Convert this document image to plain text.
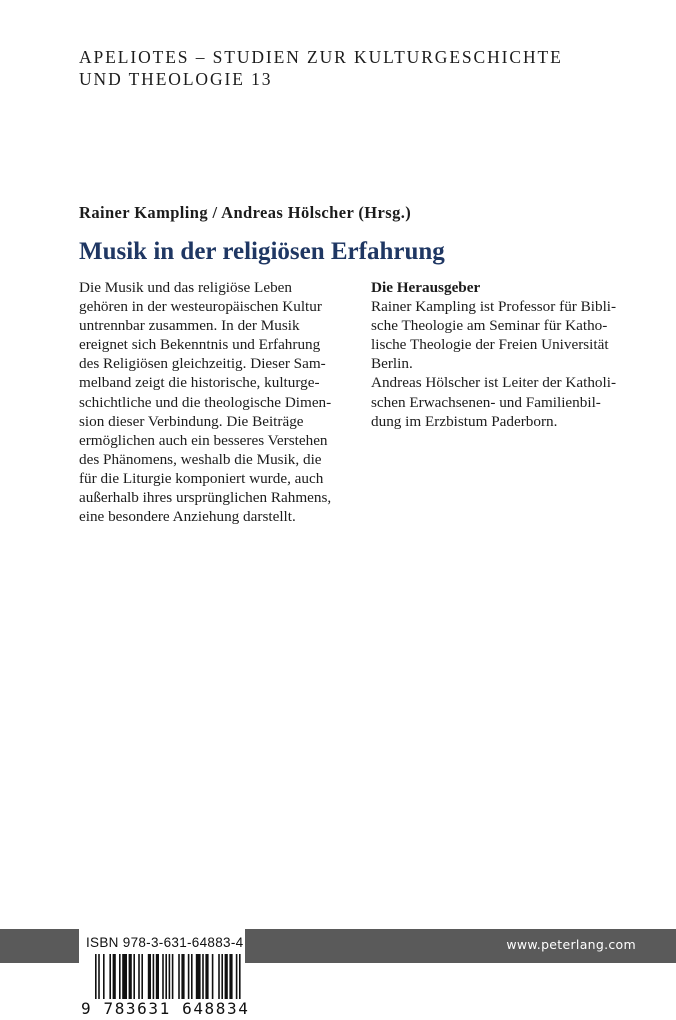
APELIOTES – STUDIEN ZUR KULTURGESCHICHTE
UND THEOLOGIE 13
Rainer Kampling / Andreas Hölscher (Hrsg.)
Musik in der religiösen Erfahrung
Die Musik und das religiöse Leben
gehören in der westeuropäischen Kultur
untrennbar zusammen. In der Musik
ereignet sich Bekenntnis und Erfahrung
des Religiösen gleichzeitig. Dieser Sam-
melband zeigt die historische, kulturge-
schichtliche und die theologische Dimen-
sion dieser Verbindung. Die Beiträge
ermöglichen auch ein besseres Verstehen
des Phänomens, weshalb die Musik, die
für die Liturgie komponiert wurde, auch
außerhalb ihres ursprünglichen Rahmens,
eine besondere Anziehung darstellt.
Die Herausgeber
Rainer Kampling ist Professor für Bibli-
sche Theologie am Seminar für Katho-
lische Theologie der Freien Universität
Berlin.
Andreas Hölscher ist Leiter der Katholi-
schen Erwachsenen- und Familienbil-
dung im Erzbistum Paderborn.
www.peterlang.com
ISBN 978-3-631-64883-4
9 783631 648834
